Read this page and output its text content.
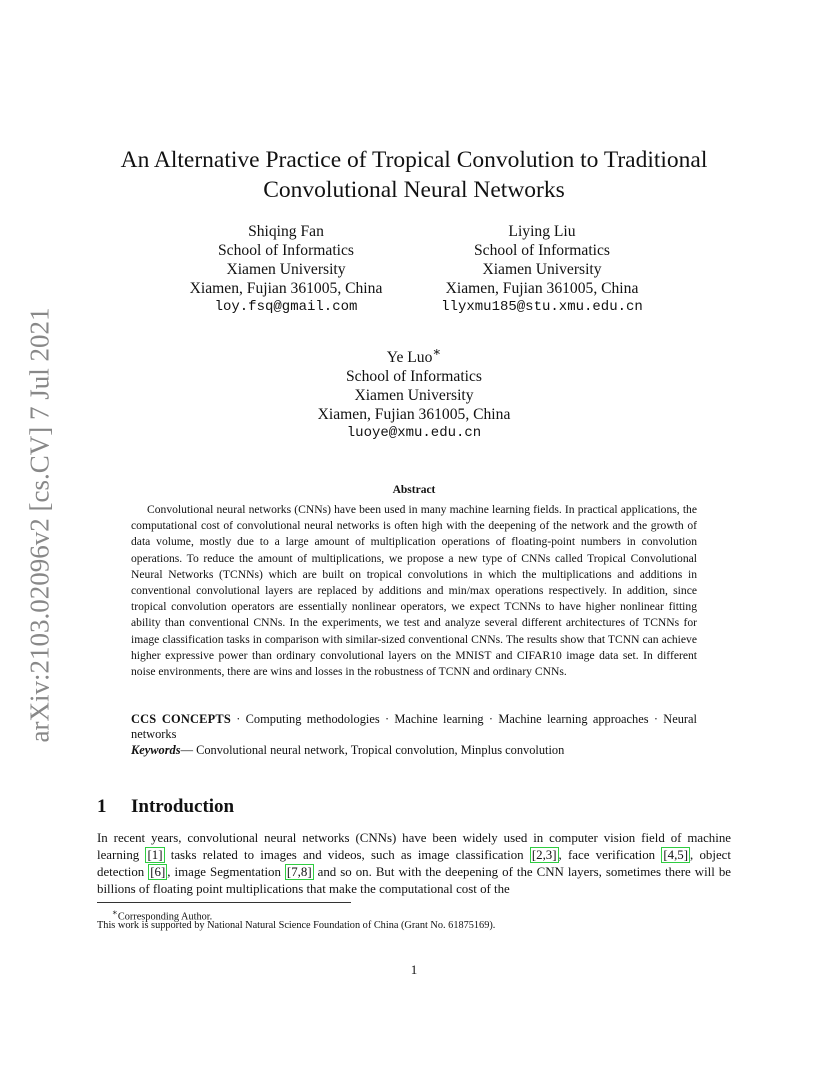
arXiv:2103.02096v2 [cs.CV] 7 Jul 2021
An Alternative Practice of Tropical Convolution to Traditional
Convolutional Neural Networks
Shiqing Fan
School of Informatics
Xiamen University
Xiamen, Fujian 361005, China
loy.fsq@gmail.com
Liying Liu
School of Informatics
Xiamen University
Xiamen, Fujian 361005, China
llyxmu185@stu.xmu.edu.cn
Ye Luo∗
School of Informatics
Xiamen University
Xiamen, Fujian 361005, China
luoye@xmu.edu.cn
Abstract
Convolutional neural networks (CNNs) have been used in many machine learning fields. In practical applications, the computational cost of convolutional neural networks is often high with the deepening of the network and the growth of data volume, mostly due to a large amount of multiplication operations of floating-point numbers in convolution operations. To reduce the amount of multiplications, we propose a new type of CNNs called Tropical Convolutional Neural Networks (TCNNs) which are built on tropical convolutions in which the multiplications and additions in conventional convolutional layers are replaced by additions and min/max operations respectively. In addition, since tropical convolution operators are essentially nonlinear operators, we expect TCNNs to have higher nonlinear fitting ability than conventional CNNs. In the experiments, we test and analyze several different architectures of TCNNs for image classification tasks in comparison with similar-sized conventional CNNs. The results show that TCNN can achieve higher expressive power than ordinary convolutional layers on the MNIST and CIFAR10 image data set. In different noise environments, there are wins and losses in the robustness of TCNN and ordinary CNNs.
CCS CONCEPTS · Computing methodologies · Machine learning · Machine learning approaches · Neural networks
Keywords— Convolutional neural network, Tropical convolution, Minplus convolution
1 Introduction
In recent years, convolutional neural networks (CNNs) have been widely used in computer vision field of machine learning [1] tasks related to images and videos, such as image classification [2,3] , face verification [4,5] , object detection [6] , image Segmentation [7,8] and so on. But with the deepening of the CNN layers, sometimes there will be billions of floating point multiplications that make the computational cost of the
∗Corresponding Author.
This work is supported by National Natural Science Foundation of China (Grant No. 61875169).
1
